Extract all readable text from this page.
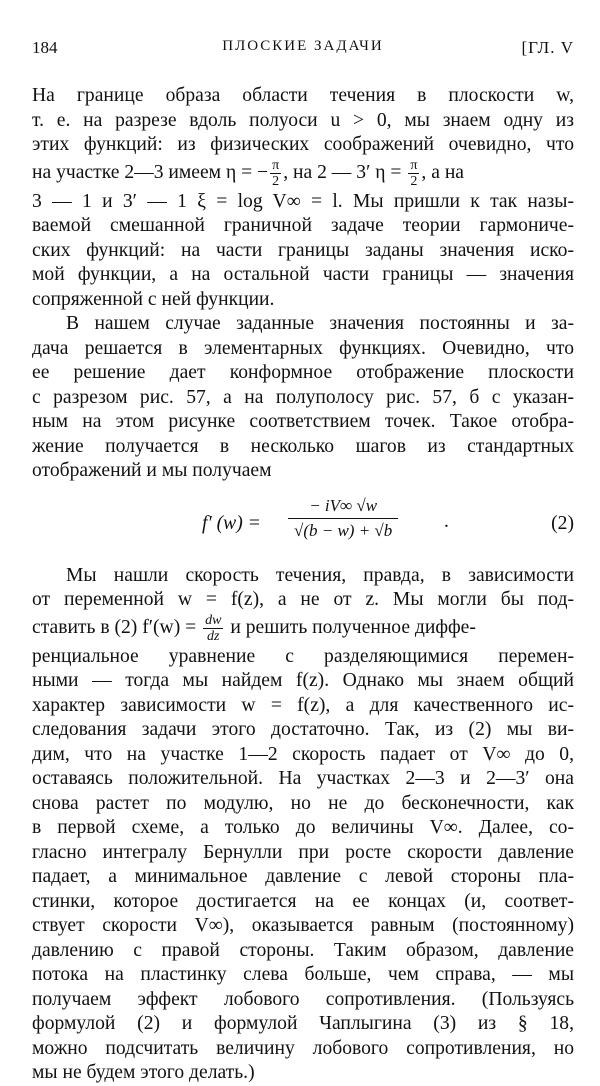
184	ПЛОСКИЕ ЗАДАЧИ	[ГЛ. V
На границе образа области течения в плоскости w,
т. е. на разрезе вдоль полуоси u > 0, мы знаем одну из
этих функций: из физических соображений очевидно, что
на участке 2—3 имеем η = − $\frac{\pi}{2}$ , на 2 — 3′ $\eta = \frac{\pi}{2}$ , а на
3 — 1 и 3′ — 1 ξ = log V∞ = l. Мы пришли к так назы-
ваемой смешанной граничной задаче теории гармониче-
ских функций: на части границы заданы значения иско-
мой функции, а на остальной части границы — значения
сопряженной с ней функции.
В нашем случае заданные значения постоянны и за-
дача решается в элементарных функциях. Очевидно, что
ее решение дает конформное отображение плоскости
с разрезом рис. 57, a на полуполосу рис. 57, б с указан-
ным на этом рисунке соответствием точек. Такое отобра-
жение получается в несколько шагов из стандартных
отображений и мы получаем
f′ $(w) = \frac{- iV\infty √w}{√(b - w) + √b}$ .	(2)
Мы нашли скорость течения, правда, в зависимости
от переменной w = f(z), а не от z. Мы могли бы под-
ставить в (2) $f'(w) = \frac{dw}{dz}$ и решить полученное диффе-
ренциальное уравнение с разделяющимися перемен-
ными — тогда мы найдем f(z). Однако мы знаем общий
характер зависимости w = f(z), а для качественного ис-
следования задачи этого достаточно. Так, из (2) мы ви-
дим, что на участке 1—2 скорость падает от V∞ до 0,
оставаясь положительной. На участках 2—3 и 2—3′ она
снова растет по модулю, но не до бесконечности, как
в первой схеме, а только до величины V∞. Далее, со-
гласно интегралу Бернулли при росте скорости давление
падает, а минимальное давление с левой стороны пла-
стинки, которое достигается на ее концах (и, соответ-
ствует скорости V∞), оказывается равным (постоянному)
давлению с правой стороны. Таким образом, давление
потока на пластинку слева больше, чем справа, — мы
получаем эффект лобового сопротивления. (Пользуясь
формулой (2) и формулой Чаплыгина (3) из § 18,
можно подсчитать величину лобового сопротивления, но
мы не будем этого делать.)
